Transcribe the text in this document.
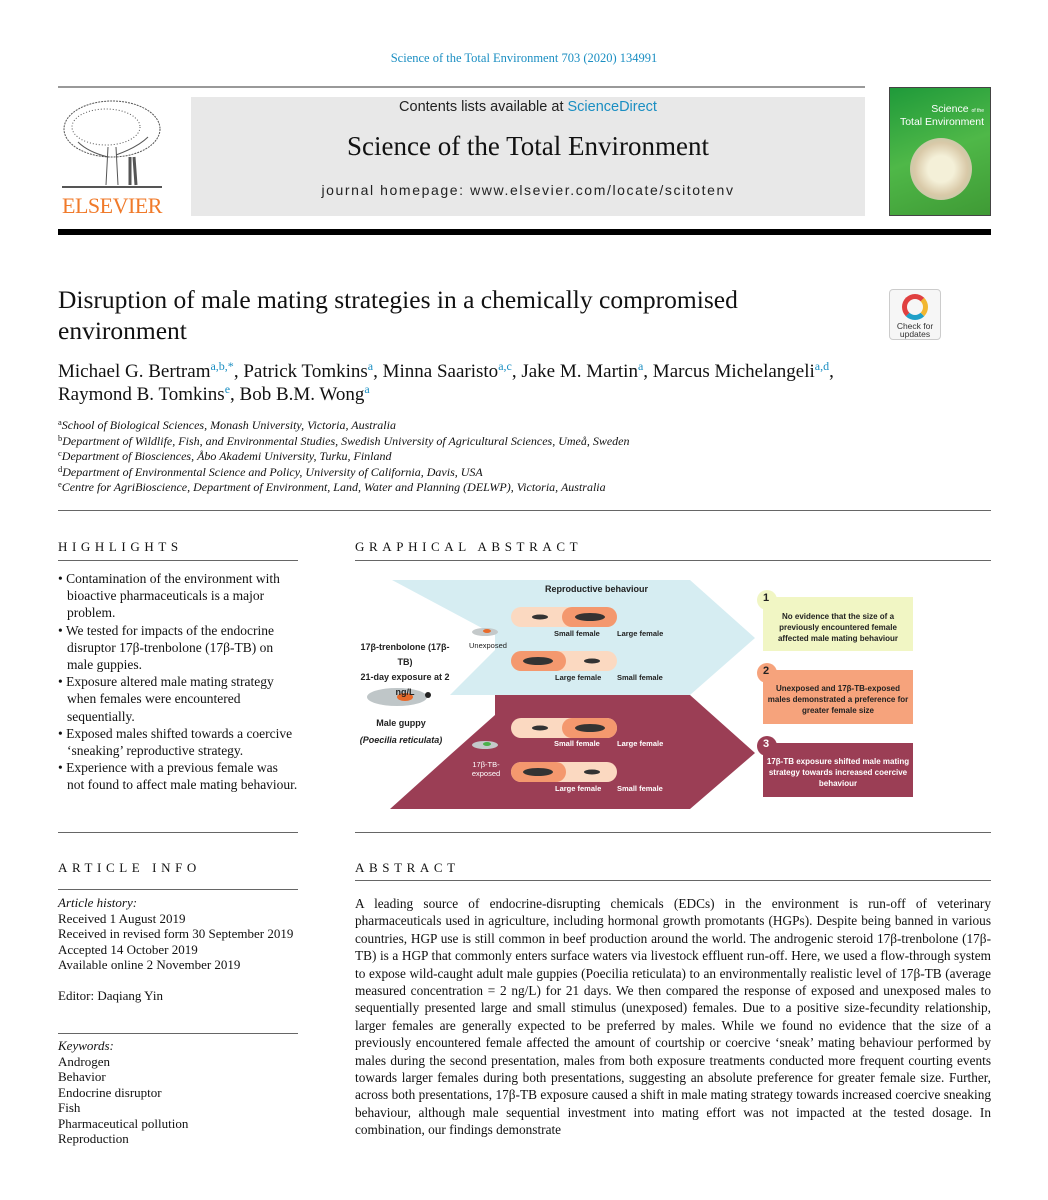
Science of the Total Environment 703 (2020) 134991
ELSEVIER
Contents lists available at ScienceDirect
Science of the Total Environment
journal homepage: www.elsevier.com/locate/scitotenv
Science of the
Total Environment
Disruption of male mating strategies in a chemically compromised environment	Check for
updates
Michael G. Bertram$^{a,b,*}$, Patrick Tomkins$^a$, Minna Saaristo$^{a,c}$, Jake M. Martin$^a$, Marcus Michelangeli$^{a,d}$,
Raymond B. Tomkins$^e$, Bob B.M. Wong$^a$
$^a$School of Biological Sciences, Monash University, Victoria, Australia
$^b$Department of Wildlife, Fish, and Environmental Studies, Swedish University of Agricultural Sciences, Umeå, Sweden
$^c$Department of Biosciences, Åbo Akademi University, Turku, Finland
$^d$Department of Environmental Science and Policy, University of California, Davis, USA
$^e$Centre for AgriBioscience, Department of Environment, Land, Water and Planning (DELWP), Victoria, Australia
HIGHLIGHTS
• Contamination of the environment with bioactive pharmaceuticals is a major problem.
• We tested for impacts of the endocrine disruptor 17β-trenbolone (17β-TB) on male guppies.
• Exposure altered male mating strategy when females were encountered sequentially.
• Exposed males shifted towards a coercive ‘sneaking’ reproductive strategy.
• Experience with a previous female was not found to affect male mating behaviour.
GRAPHICAL ABSTRACT
17β-trenbolone (17β-TB)
21-day exposure at 2 ng/L
Male guppy
(Poecilia reticulata)
Reproductive behaviour
Unexposed
17β-TB-exposed
Small female Large female
Large female Small female
Small female Large female
Large female Small female
1
No evidence that the size of a previously encountered female affected male mating behaviour
2
Unexposed and 17β-TB-exposed males demonstrated a preference for greater female size
3
17β-TB exposure shifted male mating strategy towards increased coercive behaviour
ARTICLE INFO
Article history:
Received 1 August 2019
Received in revised form 30 September 2019
Accepted 14 October 2019
Available online 2 November 2019
Editor: Daqiang Yin
Keywords:
Androgen
Behavior
Endocrine disruptor
Fish
Pharmaceutical pollution
Reproduction
ABSTRACT
A leading source of endocrine-disrupting chemicals (EDCs) in the environment is run-off of veterinary pharmaceuticals used in agriculture, including hormonal growth promotants (HGPs). Despite being banned in various countries, HGP use is still common in beef production around the world. The androgenic steroid 17β-trenbolone (17β-TB) is a HGP that commonly enters surface waters via livestock effluent run-off. Here, we used a flow-through system to expose wild-caught adult male guppies (Poecilia reticulata) to an environmentally realistic level of 17β-TB (average measured concentration = 2 ng/L) for 21 days. We then compared the response of exposed and unexposed males to sequentially presented large and small stimulus (unexposed) females. Due to a positive size-fecundity relationship, larger females are generally expected to be preferred by males. While we found no evidence that the size of a previously encountered female affected the amount of courtship or coercive ‘sneak’ mating behaviour performed by males during the second presentation, males from both exposure treatments conducted more frequent courting events towards larger females during both presentations, suggesting an absolute preference for greater female size. Further, across both presentations, 17β-TB exposure caused a shift in male mating strategy towards increased coercive sneaking behaviour, although male sequential investment into mating effort was not impacted at the tested dosage. In combination, our findings demonstrate
